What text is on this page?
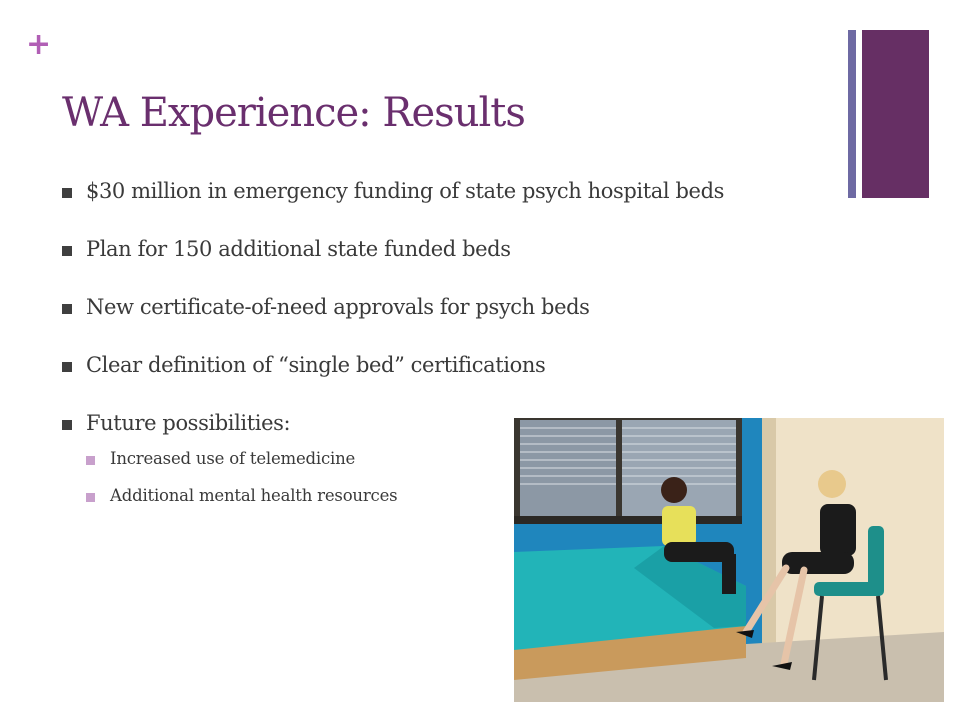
+
WA Experience: Results
$30 million in emergency funding of state psych hospital beds
Plan for 150 additional state funded beds
New certificate-of-need approvals for psych beds
Clear definition of “single bed” certifications
Future possibilities:
Increased use of telemedicine
Additional mental health resources
